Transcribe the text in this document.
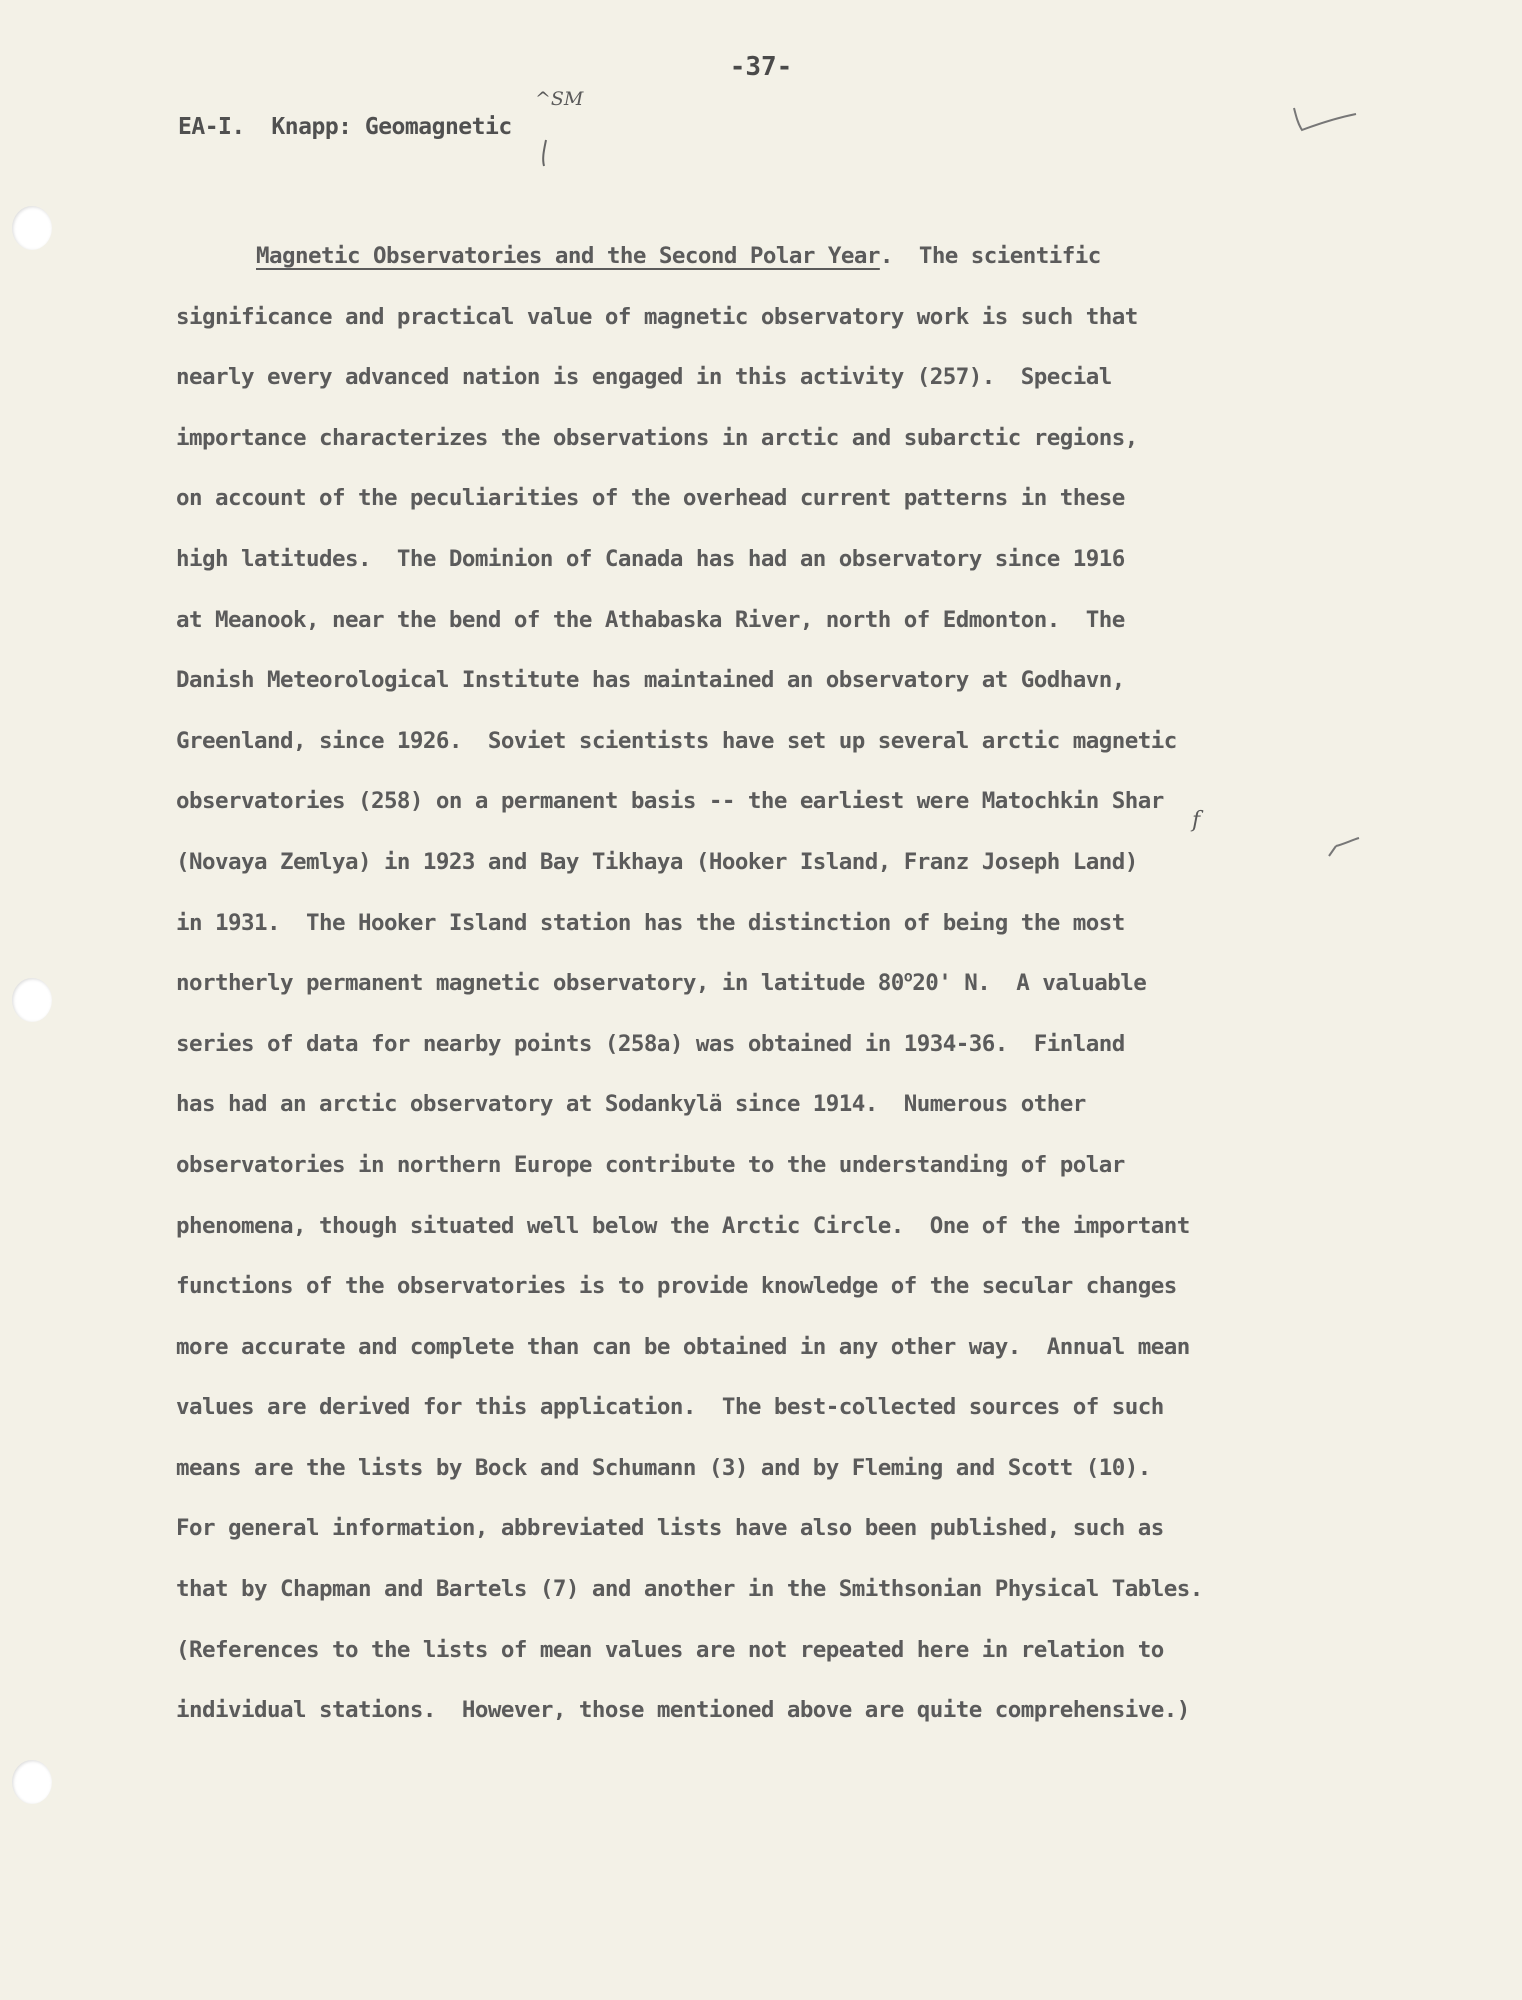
-37-
EA-I.  Knapp: Geomagnetic
^SM
f
Magnetic Observatories and the Second Polar Year.  The scientific
significance and practical value of magnetic observatory work is such that
nearly every advanced nation is engaged in this activity (257).  Special
importance characterizes the observations in arctic and subarctic regions,
on account of the peculiarities of the overhead current patterns in these
high latitudes.  The Dominion of Canada has had an observatory since 1916
at Meanook, near the bend of the Athabaska River, north of Edmonton.  The
Danish Meteorological Institute has maintained an observatory at Godhavn,
Greenland, since 1926.  Soviet scientists have set up several arctic magnetic
observatories (258) on a permanent basis -- the earliest were Matochkin Shar
(Novaya Zemlya) in 1923 and Bay Tikhaya (Hooker Island, Franz Joseph Land)
in 1931.  The Hooker Island station has the distinction of being the most
northerly permanent magnetic observatory, in latitude 80$^o$20' N.  A valuable
series of data for nearby points (258a) was obtained in 1934-36.  Finland
has had an arctic observatory at Sodankylä since 1914.  Numerous other
observatories in northern Europe contribute to the understanding of polar
phenomena, though situated well below the Arctic Circle.  One of the important
functions of the observatories is to provide knowledge of the secular changes
more accurate and complete than can be obtained in any other way.  Annual mean
values are derived for this application.  The best-collected sources of such
means are the lists by Bock and Schumann (3) and by Fleming and Scott (10).
For general information, abbreviated lists have also been published, such as
that by Chapman and Bartels (7) and another in the Smithsonian Physical Tables.
(References to the lists of mean values are not repeated here in relation to
individual stations.  However, those mentioned above are quite comprehensive.)
